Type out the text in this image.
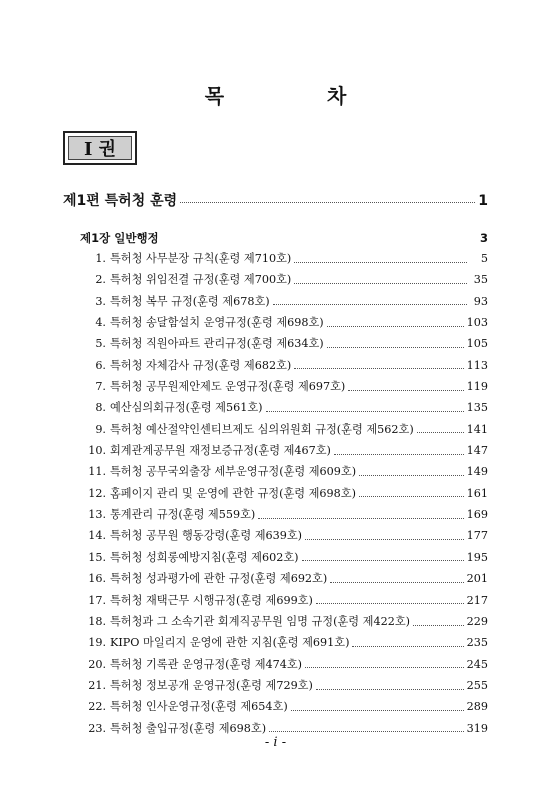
목 차
I 권
제1편 특허청 훈령	1
제1장 일반행정	3
1. 특허청 사무분장 규칙(훈령 제710호)	5
2. 특허청 위임전결 규정(훈령 제700호)	35
3. 특허청 복무 규정(훈령 제678호)	93
4. 특허청 송달함설치 운영규정(훈령 제698호)	103
5. 특허청 직원아파트 관리규정(훈령 제634호)	105
6. 특허청 자체감사 규정(훈령 제682호)	113
7. 특허청 공무원제안제도 운영규정(훈령 제697호)	119
8. 예산심의회규정(훈령 제561호)	135
9. 특허청 예산절약인센티브제도 심의위원회 규정(훈령 제562호)	141
10. 회계관계공무원 재정보증규정(훈령 제467호)	147
11. 특허청 공무국외출장 세부운영규정(훈령 제609호)	149
12. 홈페이지 관리 및 운영에 관한 규정(훈령 제698호)	161
13. 통계관리 규정(훈령 제559호)	169
14. 특허청 공무원 행동강령(훈령 제639호)	177
15. 특허청 성희롱예방지침(훈령 제602호)	195
16. 특허청 성과평가에 관한 규정(훈령 제692호)	201
17. 특허청 재택근무 시행규정(훈령 제699호)	217
18. 특허청과 그 소속기관 회계직공무원 임명 규정(훈령 제422호)	229
19. KIPO 마일리지 운영에 관한 지침(훈령 제691호)	235
20. 특허청 기록관 운영규정(훈령 제474호)	245
21. 특허청 정보공개 운영규정(훈령 제729호)	255
22. 특허청 인사운영규정(훈령 제654호)	289
23. 특허청 출입규정(훈령 제698호)	319
- i -
